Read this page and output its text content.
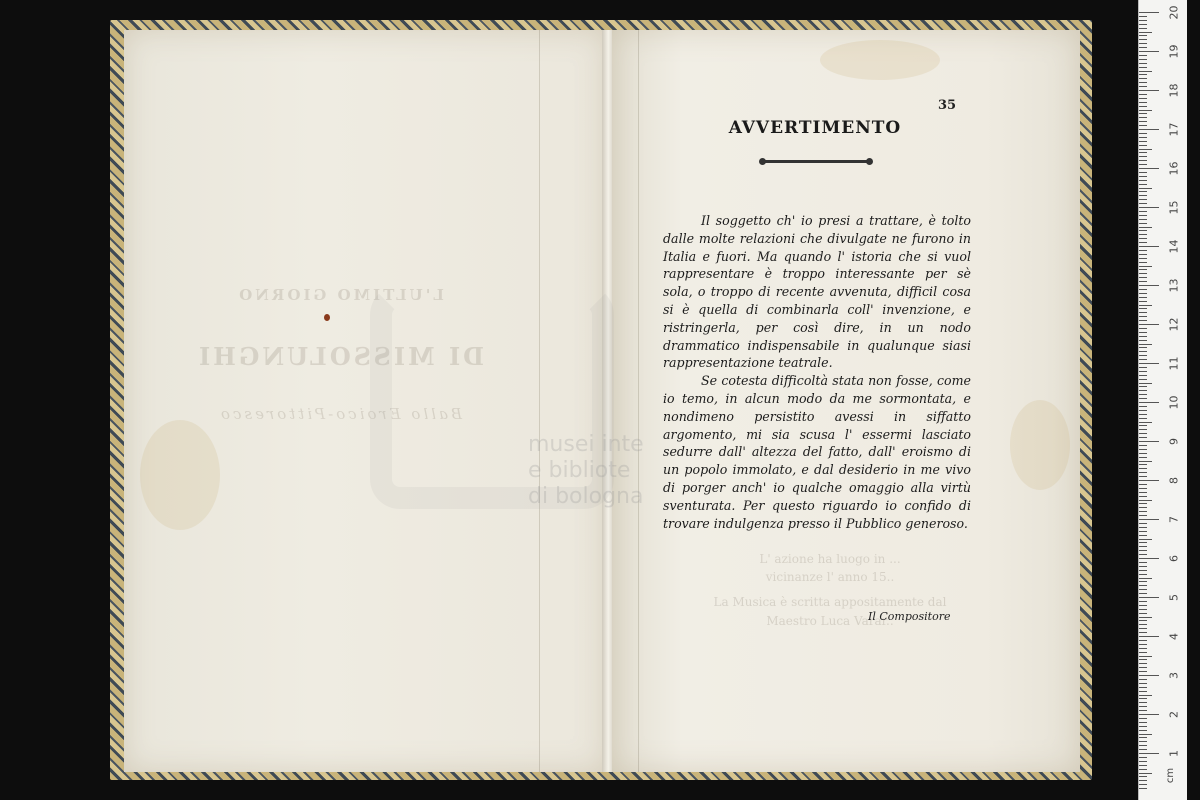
L'ULTIMO GIORNO
DI MISSOLUNGHI
Ballo Eroico-Pittoresco
musei inte
e bibliote
di bologna
35
AVVERTIMENTO
L' azione ha luogo in ...
vicinanze l' anno 15..
La Musica è scritta appositamente dal
Maestro Luca Varar..

Il soggetto ch' io presi a trattare, è tolto dalle molte relazioni che divulgate ne furono in Italia e fuori. Ma quando l' istoria che si vuol rappresentare è troppo interessante per sè sola, o troppo di recente avvenuta, difficil cosa si è quella di combinarla coll' invenzione, e ristringerla, per così dire, in un nodo drammatico indispensabile in qualunque siasi rappresentazione teatrale.

Se cotesta difficoltà stata non fosse, come io temo, in alcun modo da me sormontata, e nondimeno persistito avessi in siffatto argomento, mi sia scusa l' essermi lasciato sedurre dall' altezza del fatto, dall' eroismo di un popolo immolato, e dal desiderio in me vivo di porger anch' io qualche omaggio alla virtù sventurata. Per questo riguardo io confido di trovare indulgenza presso il Pubblico generoso.

Il Compositore
20
19
18
17
16
15
14
13
12
11
10
9
8
7
6
5
4
3
2
1
cm
